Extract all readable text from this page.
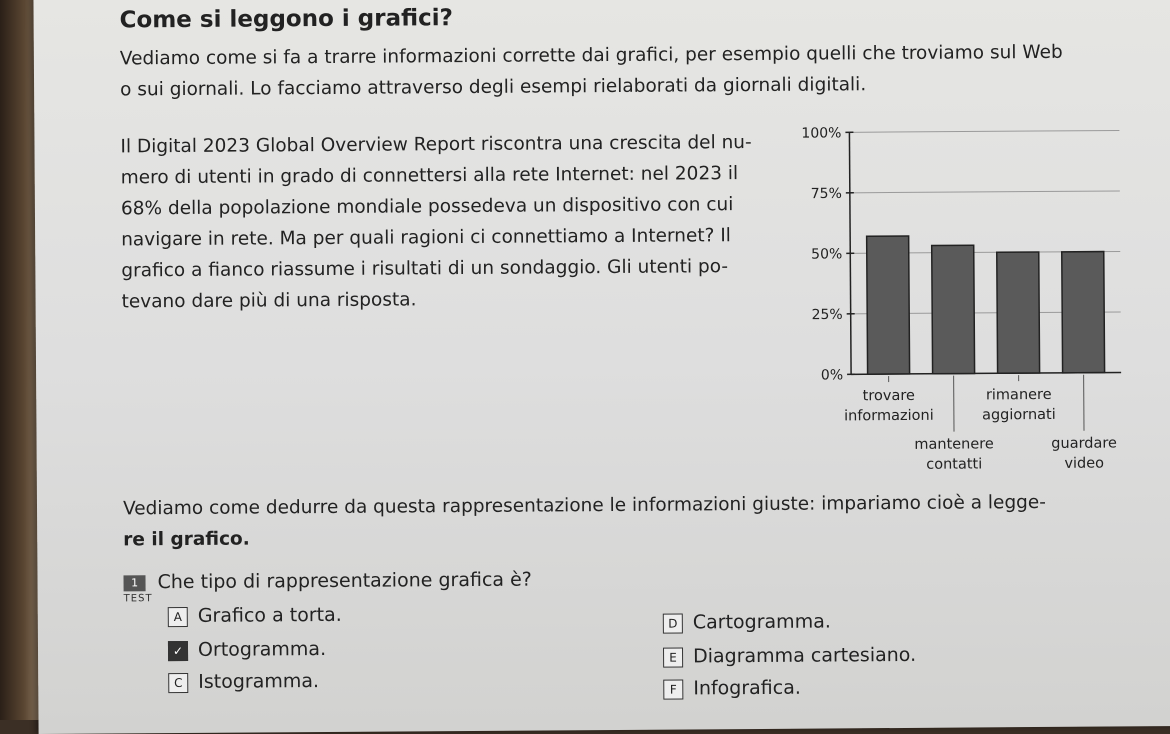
Come si leggono i grafici?
Vediamo come si fa a trarre informazioni corrette dai grafici, per esempio quelli che troviamo sul Web
o sui giornali. Lo facciamo attraverso degli esempi rielaborati da giornali digitali.
Il Digital 2023 Global Overview Report riscontra una crescita del nu-
mero di utenti in grado di connettersi alla rete Internet: nel 2023 il
68% della popolazione mondiale possedeva un dispositivo con cui
navigare in rete. Ma per quali ragioni ci connettiamo a Internet? Il
grafico a fianco riassume i risultati di un sondaggio. Gli utenti po-
tevano dare più di una risposta.
0%
25%
50%
75%
100%
trovare
informazioni
mantenere
contatti
rimanere
aggiornati
guardare
video
Vediamo come dedurre da questa rappresentazione le informazioni giuste: impariamo cioè a legge-
re il grafico.
1 Che tipo di rappresentazione grafica è?
TEST
A Grafico a torta.
✓ Ortogramma.
C Istogramma.
D Cartogramma.
E Diagramma cartesiano.
F Infografica.
